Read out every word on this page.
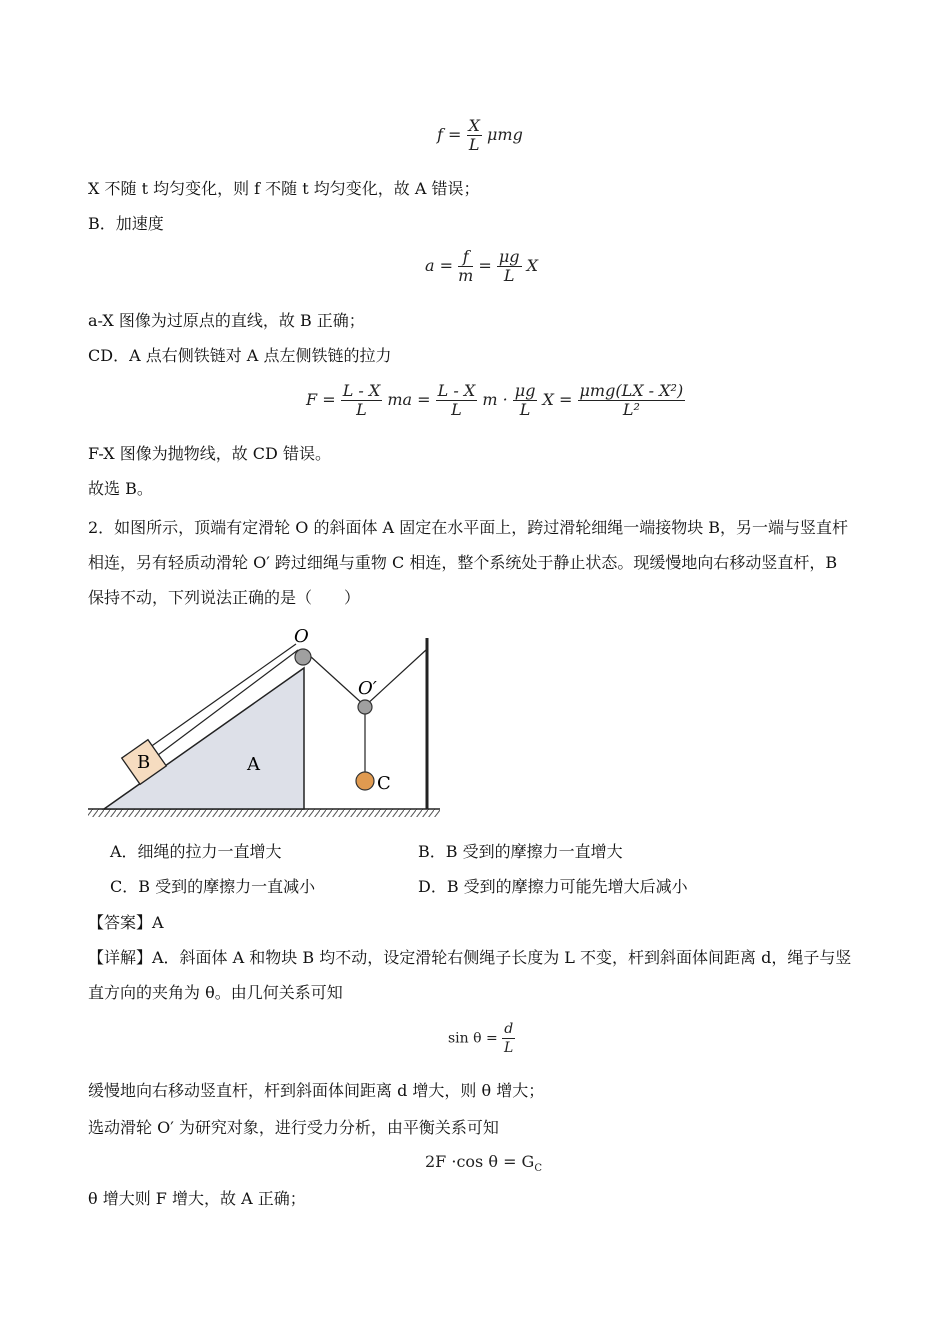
$f = \frac{X}{L}$ μmg
X 不随 t 均匀变化，则 f 不随 t 均匀变化，故 A 错误；
B．加速度
$a = \frac{f}{m} = \frac{\mu g}{L}$ X
a-X 图像为过原点的直线，故 B 正确；
CD．A 点右侧铁链对 A 点左侧铁链的拉力
$F = \frac{L - X}{L}$ ma = $\frac{L - X}{L}$ $m \cdot \frac{\mu g}{L}$ $X = \frac{\text{μmg(LX - X²)}}{\text{L²}}$
F-X 图像为抛物线，故 CD 错误。
故选 B。
2．如图所示，顶端有定滑轮 O 的斜面体 A 固定在水平面上，跨过滑轮细绳一端接物块 B，另一端与竖直杆相连，另有轻质动滑轮 O′ 跨过细绳与重物 C 相连，整个系统处于静止状态。现缓慢地向右移动竖直杆，B 保持不动，下列说法正确的是（　　）
O
O′
A
B
C
A．细绳的拉力一直增大	B．B 受到的摩擦力一直增大
C．B 受到的摩擦力一直减小	D．B 受到的摩擦力可能先增大后减小
【答案】A
【详解】A．斜面体 A 和物块 B 均不动，设定滑轮右侧绳子长度为 L 不变，杆到斜面体间距离 d，绳子与竖直方向的夹角为 θ。由几何关系可知
$\sin \theta = \frac{d}{L}$
缓慢地向右移动竖直杆，杆到斜面体间距离 d 增大，则 θ 增大；
选动滑轮 O′ 为研究对象，进行受力分析，由平衡关系可知
2F ·cos $\theta = G_C$
θ 增大则 F 增大，故 A 正确；
